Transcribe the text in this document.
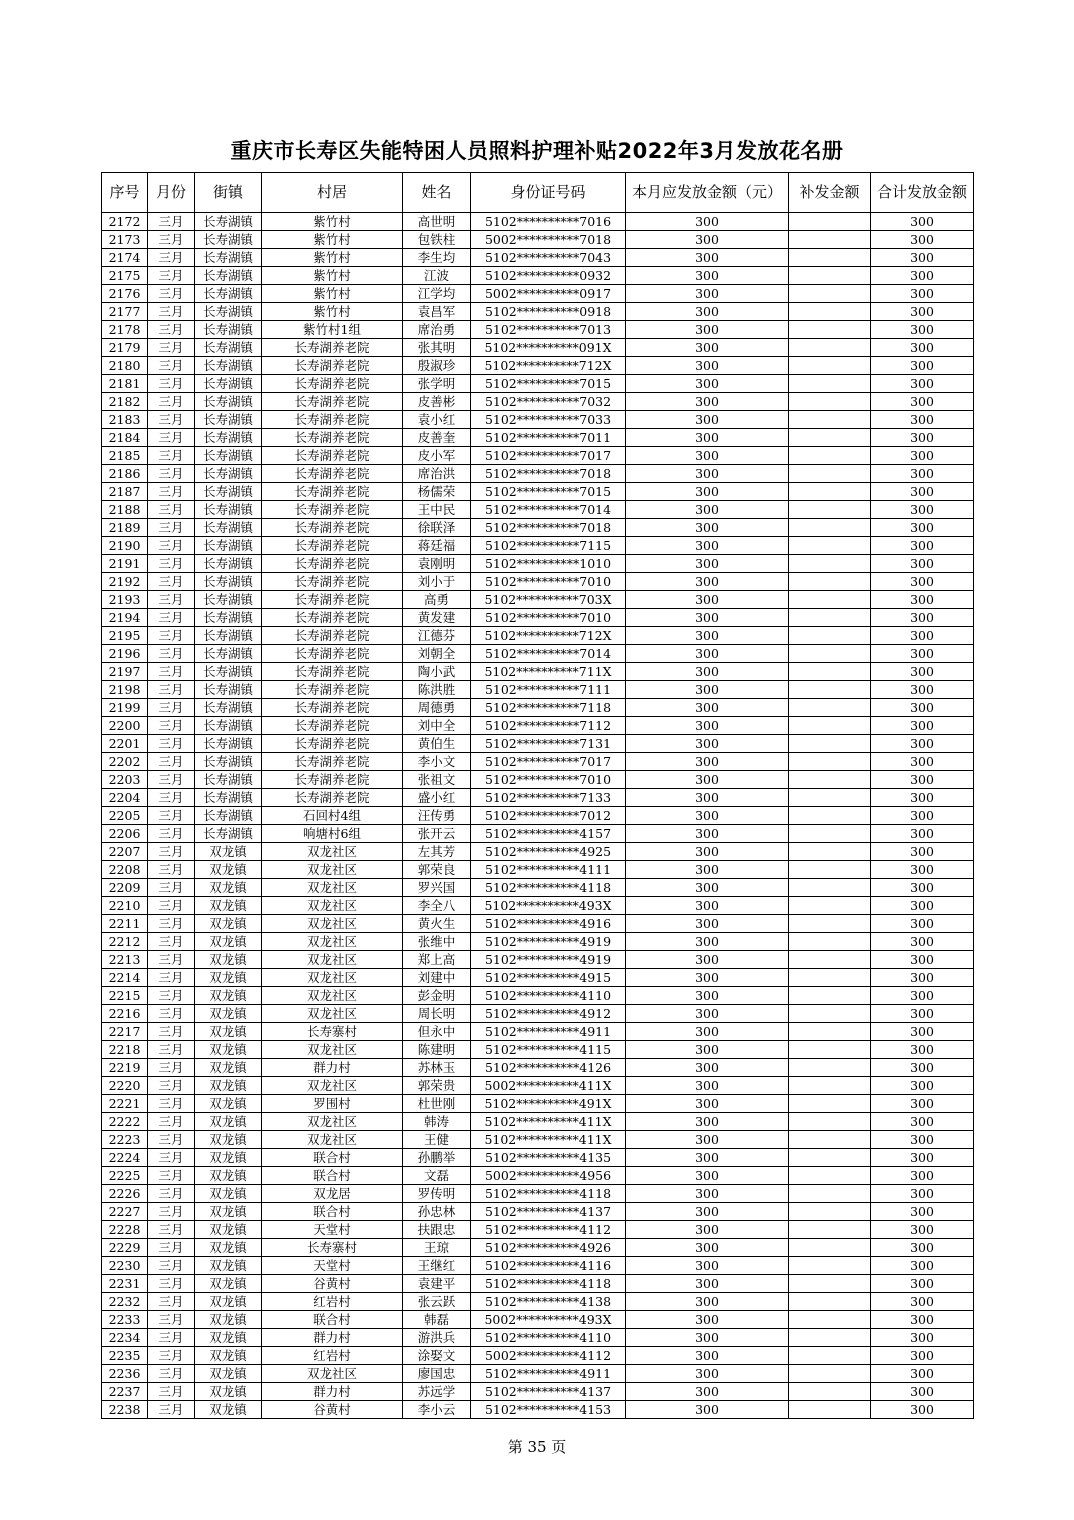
重庆市长寿区失能特困人员照料护理补贴2022年3月发放花名册
序号	月份	街镇	村居	姓名	身份证号码	本月应发放金额（元）	补发金额	合计发放金额
2172	三月	长寿湖镇	紫竹村	高世明	5102**********7016	300		300
2173	三月	长寿湖镇	紫竹村	包铁柱	5002**********7018	300		300
2174	三月	长寿湖镇	紫竹村	李生均	5102**********7043	300		300
2175	三月	长寿湖镇	紫竹村	江波	5102**********0932	300		300
2176	三月	长寿湖镇	紫竹村	江学均	5002**********0917	300		300
2177	三月	长寿湖镇	紫竹村	袁昌军	5102**********0918	300		300
2178	三月	长寿湖镇	紫竹村1组	席治勇	5102**********7013	300		300
2179	三月	长寿湖镇	长寿湖养老院	张其明	5102**********091X	300		300
2180	三月	长寿湖镇	长寿湖养老院	殷淑珍	5102**********712X	300		300
2181	三月	长寿湖镇	长寿湖养老院	张学明	5102**********7015	300		300
2182	三月	长寿湖镇	长寿湖养老院	皮善彬	5102**********7032	300		300
2183	三月	长寿湖镇	长寿湖养老院	袁小红	5102**********7033	300		300
2184	三月	长寿湖镇	长寿湖养老院	皮善奎	5102**********7011	300		300
2185	三月	长寿湖镇	长寿湖养老院	皮小军	5102**********7017	300		300
2186	三月	长寿湖镇	长寿湖养老院	席治洪	5102**********7018	300		300
2187	三月	长寿湖镇	长寿湖养老院	杨儒荣	5102**********7015	300		300
2188	三月	长寿湖镇	长寿湖养老院	王中民	5102**********7014	300		300
2189	三月	长寿湖镇	长寿湖养老院	徐联泽	5102**********7018	300		300
2190	三月	长寿湖镇	长寿湖养老院	蒋廷福	5102**********7115	300		300
2191	三月	长寿湖镇	长寿湖养老院	袁刚明	5102**********1010	300		300
2192	三月	长寿湖镇	长寿湖养老院	刘小于	5102**********7010	300		300
2193	三月	长寿湖镇	长寿湖养老院	高勇	5102**********703X	300		300
2194	三月	长寿湖镇	长寿湖养老院	黄发建	5102**********7010	300		300
2195	三月	长寿湖镇	长寿湖养老院	江德芬	5102**********712X	300		300
2196	三月	长寿湖镇	长寿湖养老院	刘朝全	5102**********7014	300		300
2197	三月	长寿湖镇	长寿湖养老院	陶小武	5102**********711X	300		300
2198	三月	长寿湖镇	长寿湖养老院	陈洪胜	5102**********7111	300		300
2199	三月	长寿湖镇	长寿湖养老院	周德勇	5102**********7118	300		300
2200	三月	长寿湖镇	长寿湖养老院	刘中全	5102**********7112	300		300
2201	三月	长寿湖镇	长寿湖养老院	黄伯生	5102**********7131	300		300
2202	三月	长寿湖镇	长寿湖养老院	李小文	5102**********7017	300		300
2203	三月	长寿湖镇	长寿湖养老院	张祖文	5102**********7010	300		300
2204	三月	长寿湖镇	长寿湖养老院	盛小红	5102**********7133	300		300
2205	三月	长寿湖镇	石回村4组	汪传勇	5102**********7012	300		300
2206	三月	长寿湖镇	响塘村6组	张开云	5102**********4157	300		300
2207	三月	双龙镇	双龙社区	左其芳	5102**********4925	300		300
2208	三月	双龙镇	双龙社区	郭荣良	5102**********4111	300		300
2209	三月	双龙镇	双龙社区	罗兴国	5102**********4118	300		300
2210	三月	双龙镇	双龙社区	李全八	5102**********493X	300		300
2211	三月	双龙镇	双龙社区	黄火生	5102**********4916	300		300
2212	三月	双龙镇	双龙社区	张维中	5102**********4919	300		300
2213	三月	双龙镇	双龙社区	郑上高	5102**********4919	300		300
2214	三月	双龙镇	双龙社区	刘建中	5102**********4915	300		300
2215	三月	双龙镇	双龙社区	彭金明	5102**********4110	300		300
2216	三月	双龙镇	双龙社区	周长明	5102**********4912	300		300
2217	三月	双龙镇	长寿寨村	但永中	5102**********4911	300		300
2218	三月	双龙镇	双龙社区	陈建明	5102**********4115	300		300
2219	三月	双龙镇	群力村	苏林玉	5102**********4126	300		300
2220	三月	双龙镇	双龙社区	郭荣贵	5002**********411X	300		300
2221	三月	双龙镇	罗围村	杜世刚	5102**********491X	300		300
2222	三月	双龙镇	双龙社区	韩涛	5102**********411X	300		300
2223	三月	双龙镇	双龙社区	王健	5102**********411X	300		300
2224	三月	双龙镇	联合村	孙鹏举	5102**********4135	300		300
2225	三月	双龙镇	联合村	文磊	5002**********4956	300		300
2226	三月	双龙镇	双龙居	罗传明	5102**********4118	300		300
2227	三月	双龙镇	联合村	孙忠林	5102**********4137	300		300
2228	三月	双龙镇	天堂村	扶跟忠	5102**********4112	300		300
2229	三月	双龙镇	长寿寨村	王琼	5102**********4926	300		300
2230	三月	双龙镇	天堂村	王继红	5102**********4116	300		300
2231	三月	双龙镇	谷黄村	袁建平	5102**********4118	300		300
2232	三月	双龙镇	红岩村	张云跃	5102**********4138	300		300
2233	三月	双龙镇	联合村	韩磊	5002**********493X	300		300
2234	三月	双龙镇	群力村	游洪兵	5102**********4110	300		300
2235	三月	双龙镇	红岩村	涂娶文	5002**********4112	300		300
2236	三月	双龙镇	双龙社区	廖国忠	5102**********4911	300		300
2237	三月	双龙镇	群力村	苏远学	5102**********4137	300		300
2238	三月	双龙镇	谷黄村	李小云	5102**********4153	300		300
第 35 页
